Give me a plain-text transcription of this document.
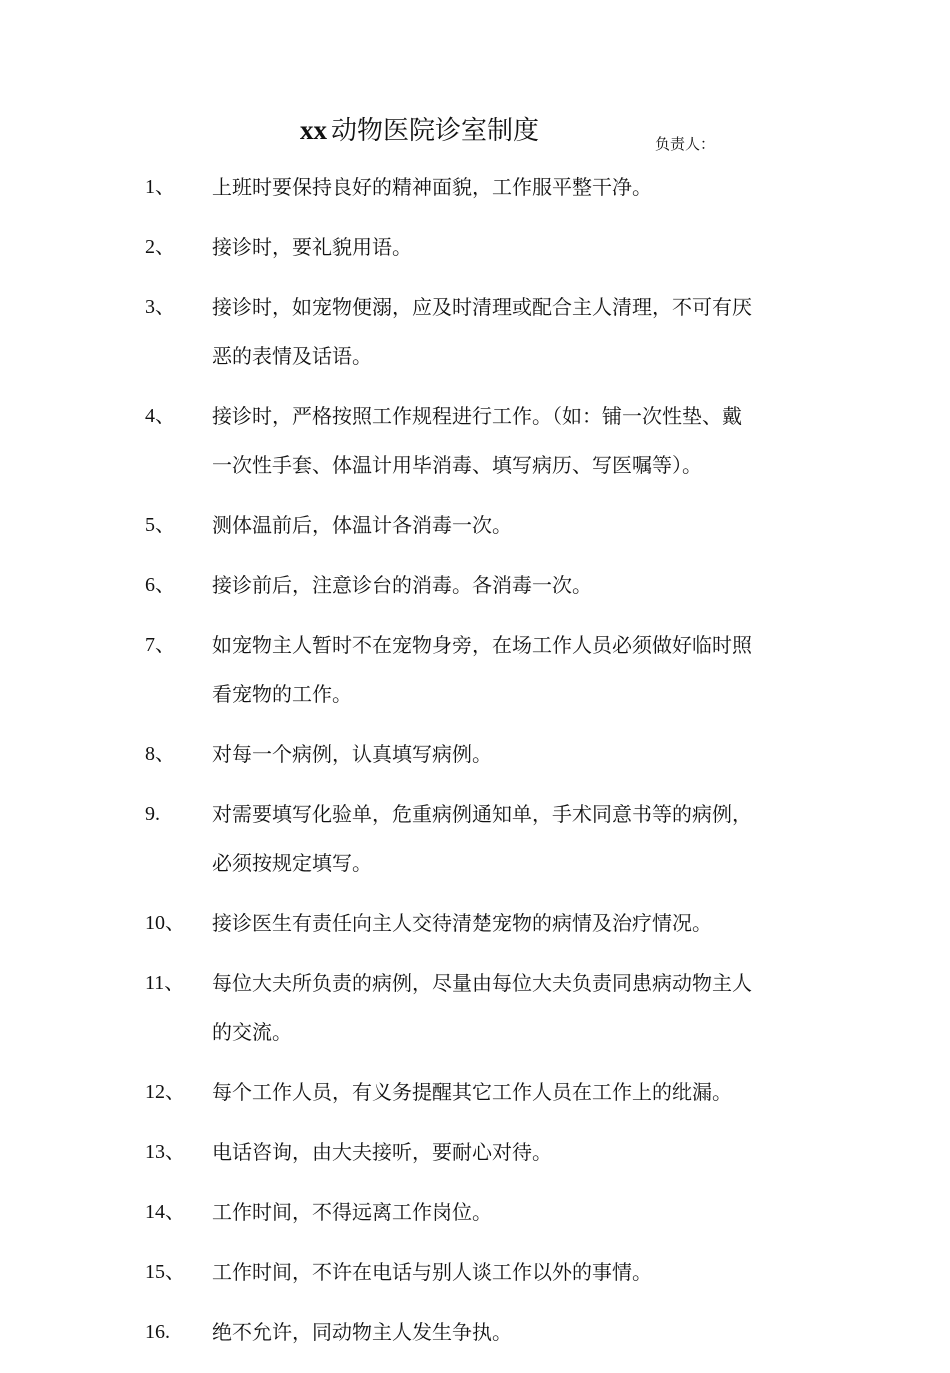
xx 动物医院诊室制度	负责人：
1、 上班时要保持良好的精神面貌，工作服平整干净。
2、 接诊时，要礼貌用语。
3、 接诊时，如宠物便溺，应及时清理或配合主人清理，不可有厌
恶的表情及话语。
4、 接诊时，严格按照工作规程进行工作。（如：铺一次性垫、戴
一次性手套、体温计用毕消毒、填写病历、写医嘱等）。
5、 测体温前后，体温计各消毒一次。
6、 接诊前后，注意诊台的消毒。各消毒一次。
7、 如宠物主人暂时不在宠物身旁，在场工作人员必须做好临时照
看宠物的工作。
8、 对每一个病例，认真填写病例。
9.	对需要填写化验单，危重病例通知单，手术同意书等的病例，
必须按规定填写。
10、 接诊医生有责任向主人交待清楚宠物的病情及治疗情况。
11、 每位大夫所负责的病例，尽量由每位大夫负责同患病动物主人
的交流。
12、 每个工作人员，有义务提醒其它工作人员在工作上的纰漏。
13、 电话咨询，由大夫接听，要耐心对待。
14、 工作时间，不得远离工作岗位。
15、 工作时间，不许在电话与别人谈工作以外的事情。
16. 绝不允许，同动物主人发生争执。
